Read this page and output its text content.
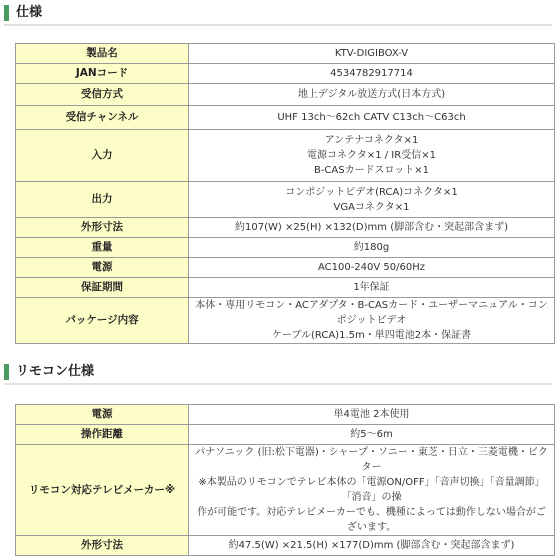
仕様
製品名	KTV-DIGIBOX-V

JANコード	4534782917714

受信方式	地上デジタル放送方式(日本方式)

受信チャンネル	UHF 13ch〜62ch CATV C13ch〜C63ch

入力	アンテナコネクタ×1
電源コネクタ×1 / IR受信×1
B-CASカードスロット×1

出力	コンポジットビデオ(RCA)コネクタ×1
VGAコネクタ×1

外形寸法	約107(W) ×25(H) ×132(D)mm (脚部含む・突起部含まず)

重量	約180g

電源	AC100-240V 50/60Hz

保証期間	1年保証

パッケージ内容	本体・専用リモコン・ACアダプタ・B-CASカード・ユーザーマニュアル・コンポジットビデオ
ケーブル(RCA)1.5m・単四電池2本・保証書
リモコン仕様
電源	単4電池 2本使用

操作距離	約5〜6m

リモコン対応テレビメーカー※	パナソニック (旧:松下電器)・シャープ・ソニー・東芝・日立・三菱電機・ビクター
※本製品のリモコンでテレビ本体の「電源ON/OFF」「音声切換」「音量調節」「消音」の操
作が可能です。対応テレビメーカーでも、機種によっては動作しない場合がございます。

外形寸法	約47.5(W) ×21.5(H) ×177(D)mm (脚部含む・突起部含まず)
